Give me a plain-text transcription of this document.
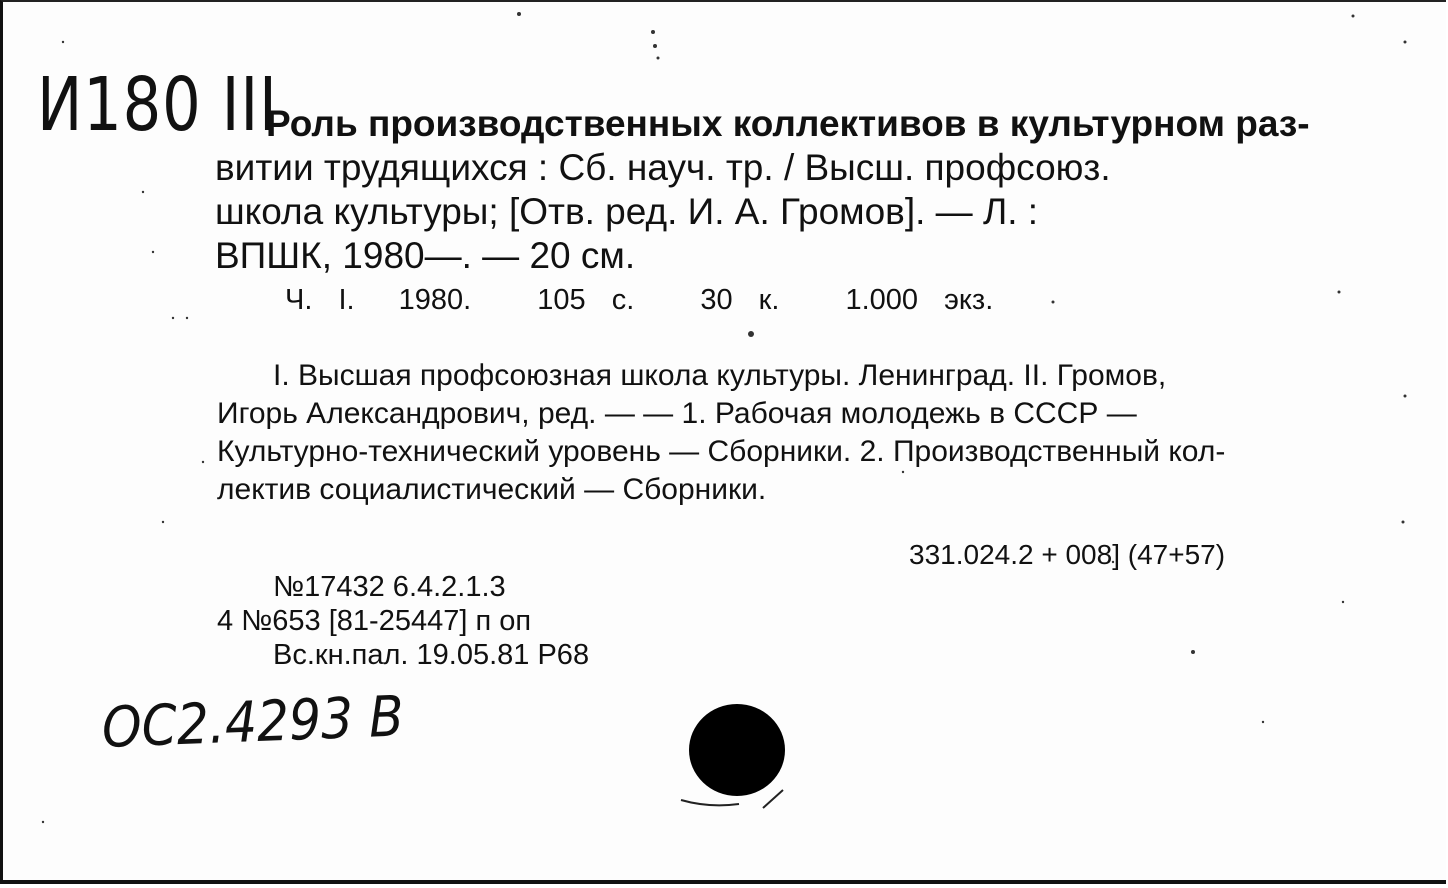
И180 III
Роль производственных коллективов в культурном раз-
витии трудящихся : Сб. науч. тр. / Высш. профсоюз.
школа культуры; [Отв. ред. И. А. Громов]. — Л. :
ВПШК, 1980—. — 20 см.
Ч. I. 1980. 105 с. 30 к. 1.000 экз.
I. Высшая профсоюзная школа культуры. Ленинград. II. Громов,
Игорь Александрович, ред. — — 1. Рабочая молодежь в СССР —
Культурно-технический уровень — Сборники. 2. Производственный кол-
лектив социалистический — Сборники.
331.024.2 + 008] (47+57)
№17432 6.4.2.1.3
4 №653 [81-25447] п оп
Вс.кн.пал. 19.05.81 Р68
ОС2.4293 В
